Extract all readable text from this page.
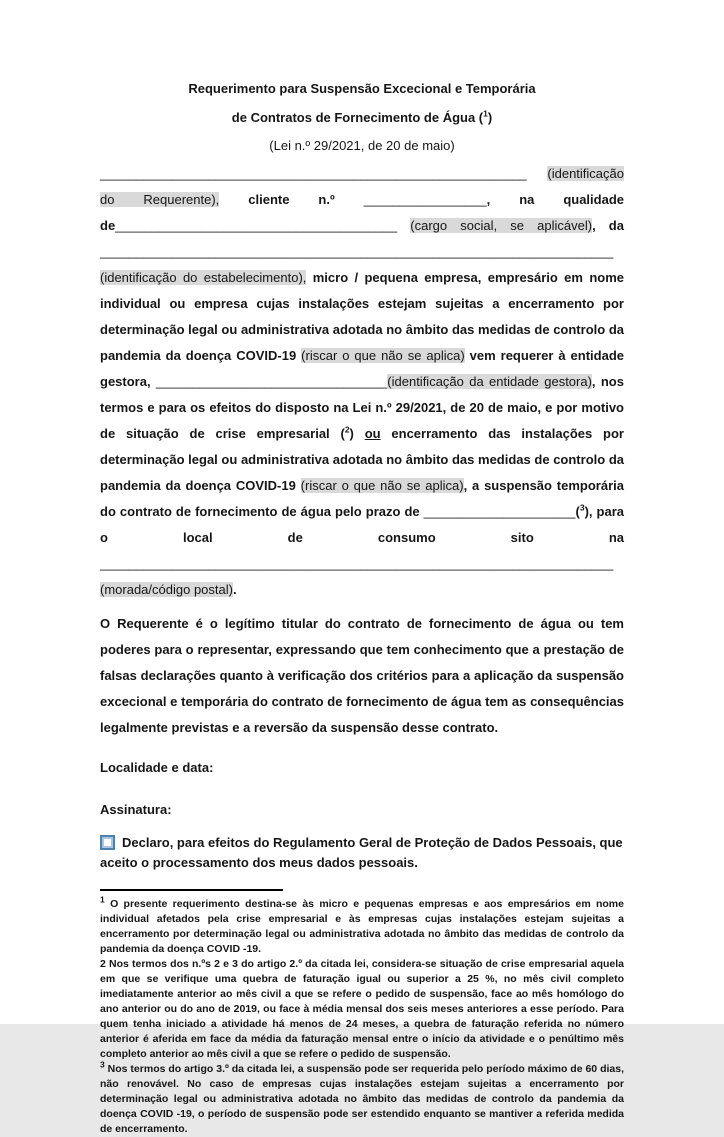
Requerimento para Suspensão Excecional e Temporária

de Contratos de Fornecimento de Água ($^1$)

(Lei n.º 29/2021, de 20 de maio)

___________________________________________________________ (identificação do Requerente), cliente n.º _________________, na qualidade de_______________________________________ (cargo social, se aplicável), da _______________________________________________________________________ (identificação do estabelecimento), micro / pequena empresa, empresário em nome individual ou empresa cujas instalações estejam sujeitas a encerramento por determinação legal ou administrativa adotada no âmbito das medidas de controlo da pandemia da doença COVID-19 (riscar o que não se aplica) vem requerer à entidade gestora, ________________________________(identificação da entidade gestora), nos termos e para os efeitos do disposto na Lei n.º 29/2021, de 20 de maio, e por motivo de situação de crise empresarial ($^2$) ou encerramento das instalações por determinação legal ou administrativa adotada no âmbito das medidas de controlo da pandemia da doença COVID-19 (riscar o que não se aplica), a suspensão temporária do contrato de fornecimento de água pelo prazo de _____________________($^3$), para o local de consumo sito na _______________________________________________________________________ (morada/código postal).

O Requerente é o legítimo titular do contrato de fornecimento de água ou tem poderes para o representar, expressando que tem conhecimento que a prestação de falsas declarações quanto à verificação dos critérios para a aplicação da suspensão excecional e temporária do contrato de fornecimento de água tem as consequências legalmente previstas e a reversão da suspensão desse contrato.

Localidade e data:

Assinatura:

Declaro, para efeitos do Regulamento Geral de Proteção de Dados Pessoais, que aceito o processamento dos meus dados pessoais.

$^1$ O presente requerimento destina-se às micro e pequenas empresas e aos empresários em nome individual afetados pela crise empresarial e às empresas cujas instalações estejam sujeitas a encerramento por determinação legal ou administrativa adotada no âmbito das medidas de controlo da pandemia da doença COVID -19.

2 Nos termos dos n.ºs 2 e 3 do artigo 2.º da citada lei, considera-se situação de crise empresarial aquela em que se verifique uma quebra de faturação igual ou superior a 25 %, no mês civil completo imediatamente anterior ao mês civil a que se refere o pedido de suspensão, face ao mês homólogo do ano anterior ou do ano de 2019, ou face à média mensal dos seis meses anteriores a esse período. Para quem tenha iniciado a atividade há menos de 24 meses, a quebra de faturação referida no número anterior é aferida em face da média da faturação mensal entre o início da atividade e o penúltimo mês completo anterior ao mês civil a que se refere o pedido de suspensão.

$^3$ Nos termos do artigo 3.º da citada lei, a suspensão pode ser requerida pelo período máximo de 60 dias, não renovável. No caso de empresas cujas instalações estejam sujeitas a encerramento por determinação legal ou administrativa adotada no âmbito das medidas de controlo da pandemia da doença COVID -19, o período de suspensão pode ser estendido enquanto se mantiver a referida medida de encerramento.
